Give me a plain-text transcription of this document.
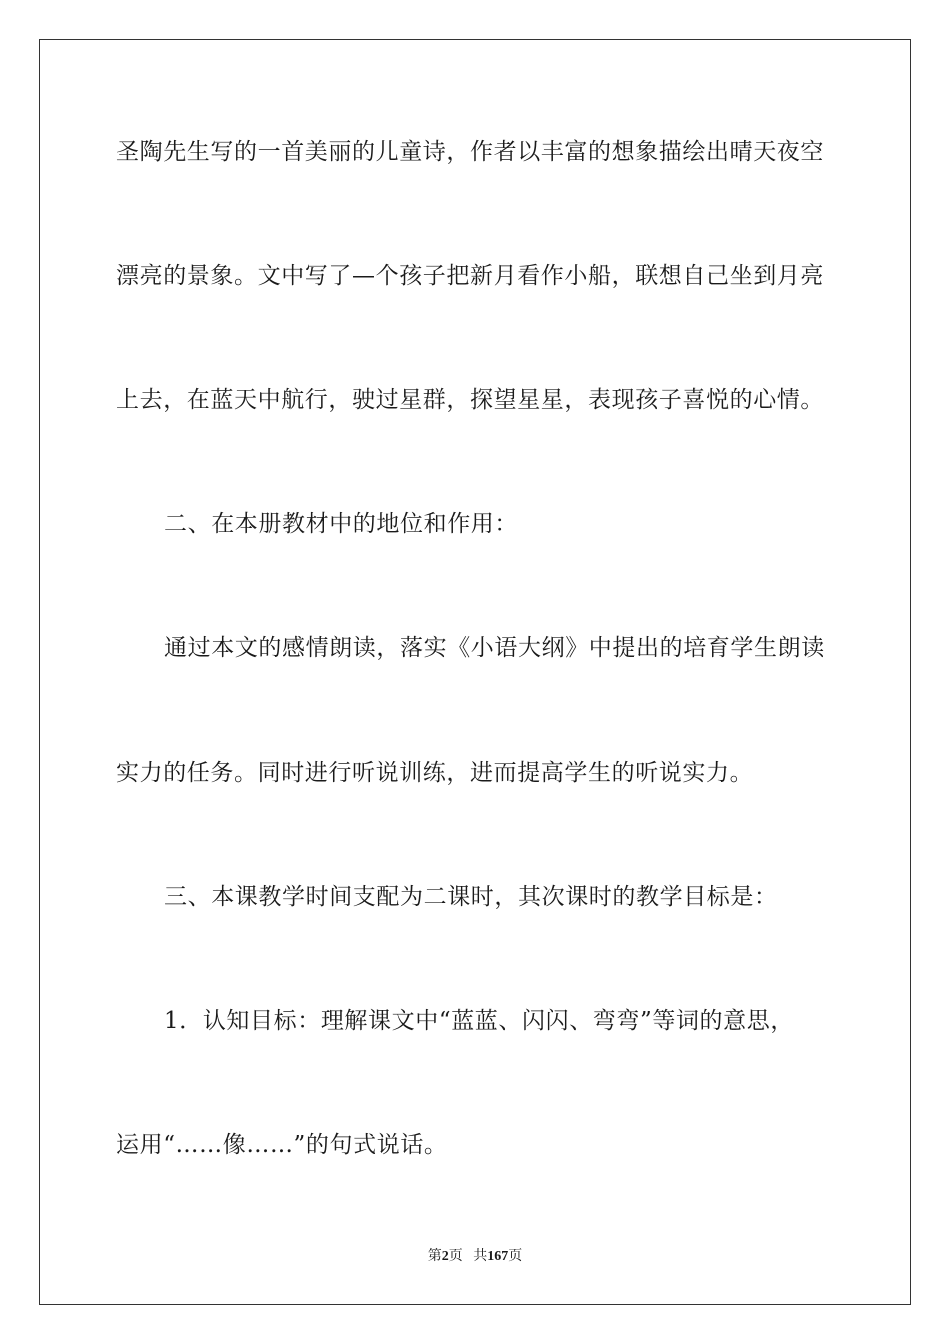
圣陶先生写的一首美丽的儿童诗，作者以丰富的想象描绘出晴天夜空
漂亮的景象。文中写了—个孩子把新月看作小船，联想自己坐到月亮
上去，在蓝天中航行，驶过星群，探望星星，表现孩子喜悦的心情。
二、在本册教材中的地位和作用：
通过本文的感情朗读，落实《小语大纲》中提出的培育学生朗读
实力的任务。同时进行听说训练，进而提高学生的听说实力。
三、本课教学时间支配为二课时，其次课时的教学目标是：
1．认知目标：理解课文中“蓝蓝、闪闪、弯弯”等词的意思，
运用“……像……”的句式说话。
第2页 共167页
